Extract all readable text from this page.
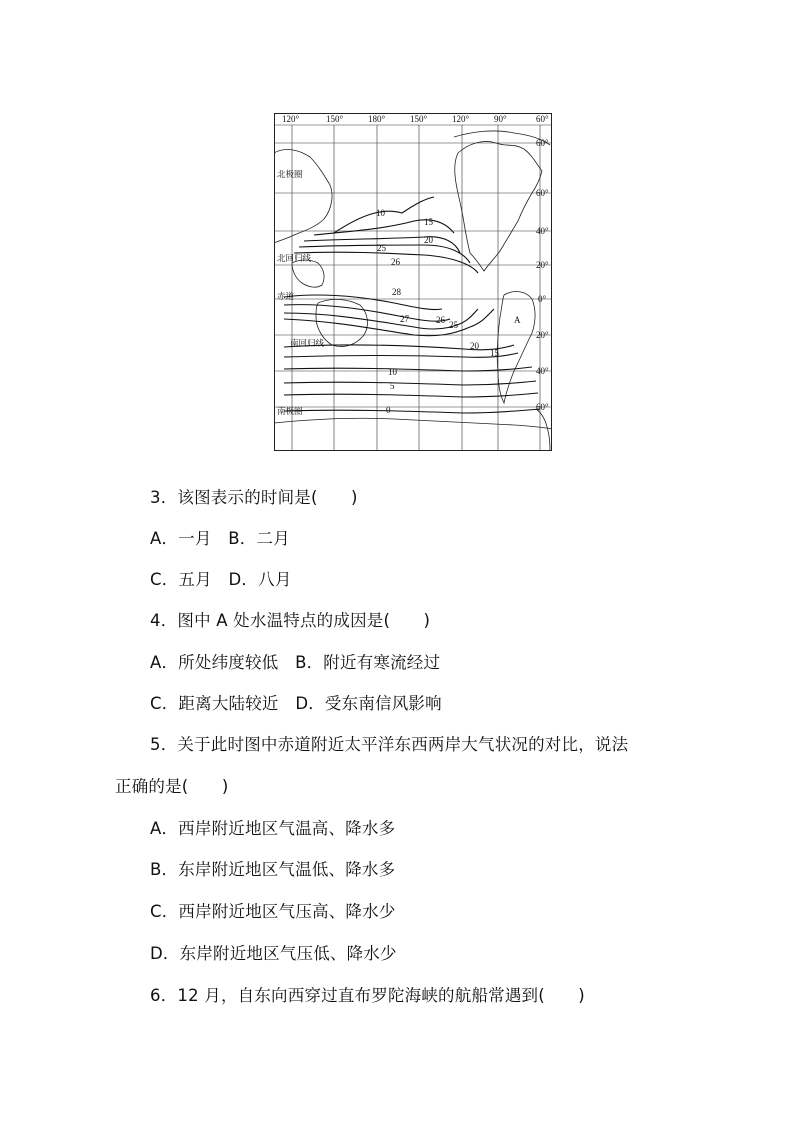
120°	150°	180°	150°	120°	90°	60°
60°
60°
40°
20°
0°
20°
40°
60°
北极圈
北回归线
赤道
南回归线
南极圈
10
15
20
25
26
28
27	26 25
20
15
10
5
0
A
3．该图表示的时间是(　　)
A．一月　B．二月
C．五月　D．八月
4．图中 A 处水温特点的成因是(　　)
A．所处纬度较低　B．附近有寒流经过
C．距离大陆较近　D．受东南信风影响
5．关于此时图中赤道附近太平洋东西两岸大气状况的对比，说法
正确的是(　　)
A．西岸附近地区气温高、降水多
B．东岸附近地区气温低、降水多
C．西岸附近地区气压高、降水少
D．东岸附近地区气压低、降水少
6．12 月，自东向西穿过直布罗陀海峡的航船常遇到(　　)
